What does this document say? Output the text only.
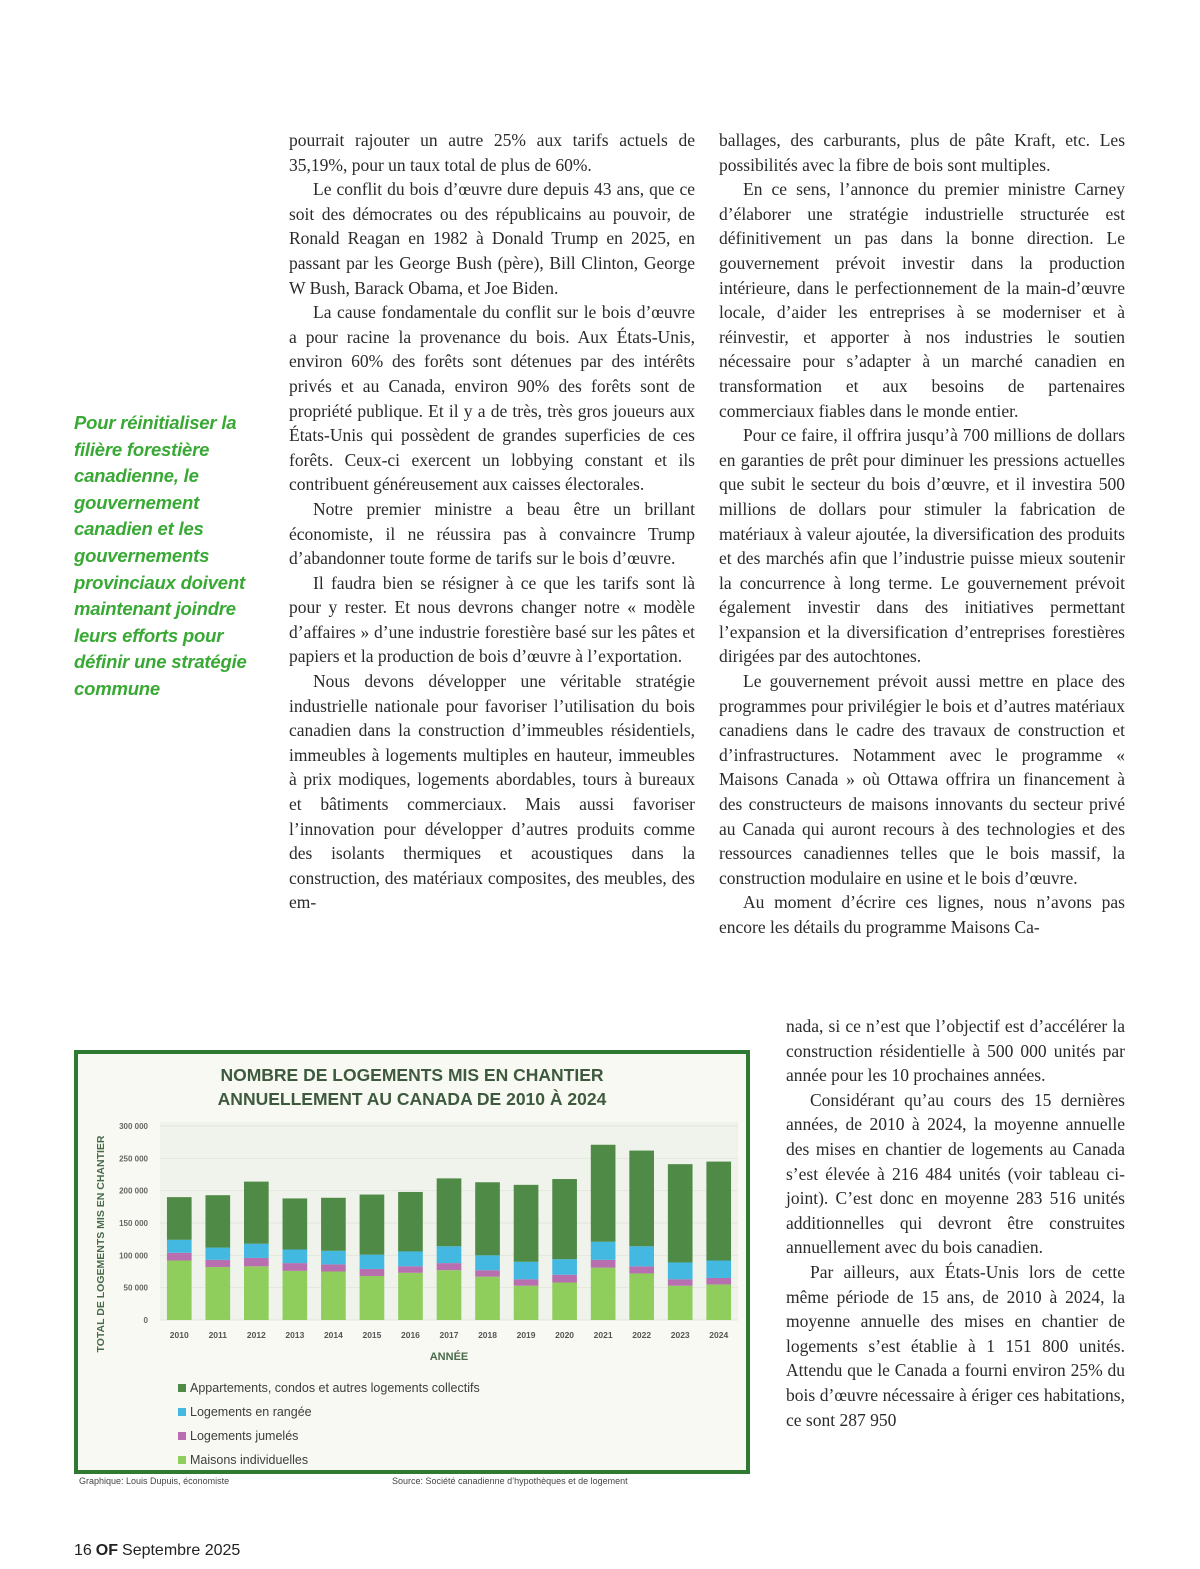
Pour réinitialiser la filière forestière canadienne, le gouvernement canadien et les gouvernements provinciaux doivent maintenant joindre leurs efforts pour définir une stratégie commune

pourrait rajouter un autre 25% aux tarifs actuels de 35,19%, pour un taux total de plus de 60%.

Le conflit du bois d’œuvre dure depuis 43 ans, que ce soit des démocrates ou des républicains au pouvoir, de Ronald Reagan en 1982 à Donald Trump en 2025, en passant par les George Bush (père), Bill Clinton, George W Bush, Barack Obama, et Joe Biden.

La cause fondamentale du conflit sur le bois d’œuvre a pour racine la provenance du bois. Aux États-Unis, environ 60% des forêts sont détenues par des intérêts privés et au Canada, environ 90% des forêts sont de propriété publique. Et il y a de très, très gros joueurs aux États-Unis qui possèdent de grandes superficies de ces forêts. Ceux-ci exercent un lobbying constant et ils contribuent généreusement aux caisses électorales.

Notre premier ministre a beau être un brillant économiste, il ne réussira pas à convaincre Trump d’abandonner toute forme de tarifs sur le bois d’œuvre.

Il faudra bien se résigner à ce que les tarifs sont là pour y rester. Et nous devrons changer notre « modèle d’affaires » d’une industrie forestière basé sur les pâtes et papiers et la production de bois d’œuvre à l’exportation.

Nous devons développer une véritable stratégie industrielle nationale pour favoriser l’utilisation du bois canadien dans la construction d’immeubles résidentiels, immeubles à logements multiples en hauteur, immeubles à prix modiques, logements abordables, tours à bureaux et bâtiments commerciaux. Mais aussi favoriser l’innovation pour développer d’autres produits comme des isolants thermiques et acoustiques dans la construction, des matériaux composites, des meubles, des em-

ballages, des carburants, plus de pâte Kraft, etc. Les possibilités avec la fibre de bois sont multiples.

En ce sens, l’annonce du premier ministre Carney d’élaborer une stratégie industrielle structurée est définitivement un pas dans la bonne direction. Le gouvernement prévoit investir dans la production intérieure, dans le perfectionnement de la main-d’œuvre locale, d’aider les entreprises à se moderniser et à réinvestir, et apporter à nos industries le soutien nécessaire pour s’adapter à un marché canadien en transformation et aux besoins de partenaires commerciaux fiables dans le monde entier.

Pour ce faire, il offrira jusqu’à 700 millions de dollars en garanties de prêt pour diminuer les pressions actuelles que subit le secteur du bois d’œuvre, et il investira 500 millions de dollars pour stimuler la fabrication de matériaux à valeur ajoutée, la diversification des produits et des marchés afin que l’industrie puisse mieux soutenir la concurrence à long terme. Le gouvernement prévoit également investir dans des initiatives permettant l’expansion et la diversification d’entreprises forestières dirigées par des autochtones.

Le gouvernement prévoit aussi mettre en place des programmes pour privilégier le bois et d’autres matériaux canadiens dans le cadre des travaux de construction et d’infrastructures. Notamment avec le programme « Maisons Canada » où Ottawa offrira un financement à des constructeurs de maisons innovants du secteur privé au Canada qui auront recours à des technologies et des ressources canadiennes telles que le bois massif, la construction modulaire en usine et le bois d’œuvre.

Au moment d’écrire ces lignes, nous n’avons pas encore les détails du programme Maisons Ca-

nada, si ce n’est que l’objectif est d’accélérer la construction résidentielle à 500 000 unités par année pour les 10 prochaines années.

Considérant qu’au cours des 15 dernières années, de 2010 à 2024, la moyenne annuelle des mises en chantier de logements au Canada s’est élevée à 216 484 unités (voir tableau ci-joint). C’est donc en moyenne 283 516 unités additionnelles qui devront être construites annuellement avec du bois canadien.

Par ailleurs, aux États-Unis lors de cette même période de 15 ans, de 2010 à 2024, la moyenne annuelle des mises en chantier de logements s’est établie à 1 151 800 unités. Attendu que le Canada a fourni environ 25% du bois d’œuvre nécessaire à ériger ces habitations, ce sont 287 950

NOMBRE DE LOGEMENTS MIS EN CHANTIER
ANNUELLEMENT AU CANADA DE 2010 À 2024
0
50 000
100 000
150 000
200 000
250 000
300 000
2010 2011 2012 2013 2014 2015 2016 2017 2018 2019 2020 2021 2022 2023 2024
ANNÉE
TOTAL DE LOGEMENTS MIS EN CHANTIER
Appartements, condos et autres logements collectifs
Logements en rangée
Logements jumelés
Maisons individuelles
Graphique: Louis Dupuis, économiste	Source: Société canadienne d’hypothèques et de logement
16 OF Septembre 2025
